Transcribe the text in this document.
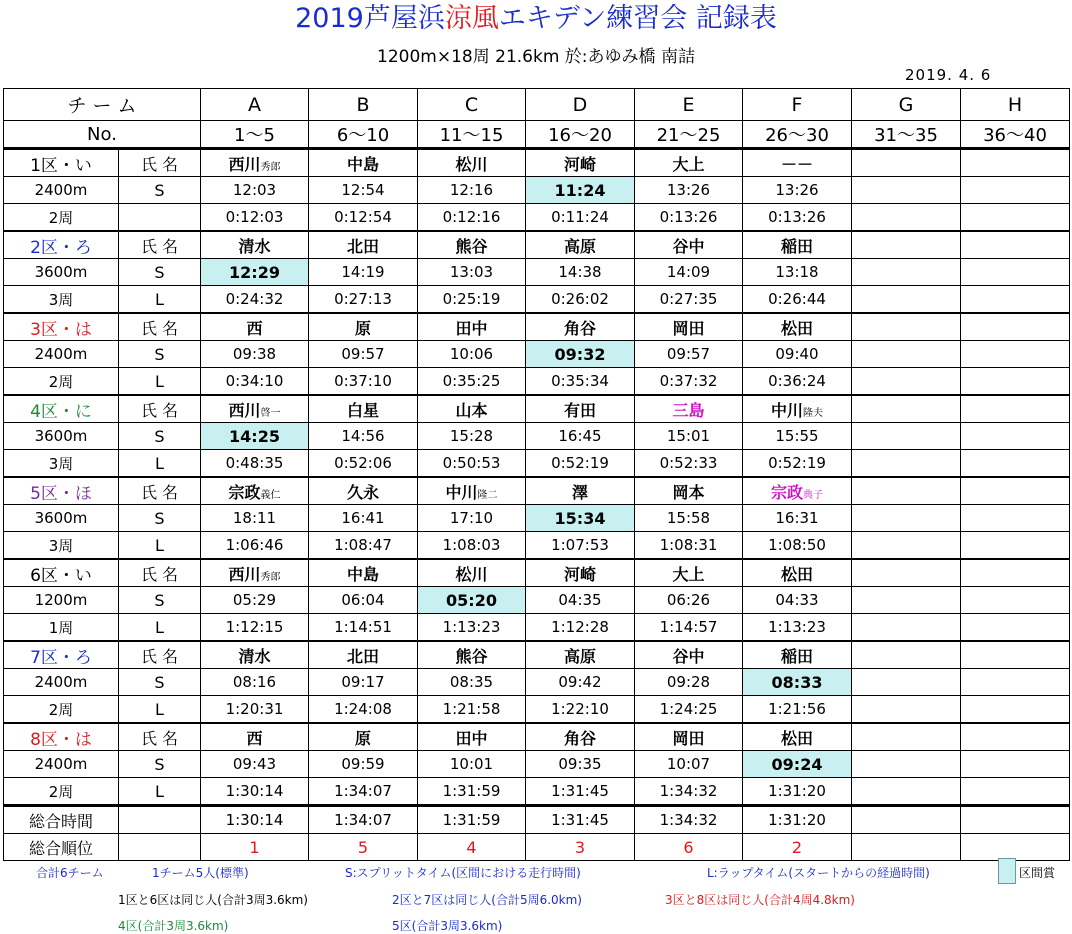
2019芦屋浜涼風エキデン練習会 記録表
1200m×18周 21.6km 於:あゆみ橋 南詰
2019. 4. 6
チ ー ム		A	B	C	D	E	F	G	H
No.		1〜5	6〜10	11〜15	16〜20	21〜25	26〜30	31〜35	36〜40
1区・い	氏 名	西川秀郎	中島	松川	河崎	大上	－－		
2400m	S	12:03	12:54	12:16	11:24	13:26	13:26		
2周		0:12:03	0:12:54	0:12:16	0:11:24	0:13:26	0:13:26		
2区・ろ	氏 名	清水	北田	熊谷	高原	谷中	稲田		
3600m	S	12:29	14:19	13:03	14:38	14:09	13:18		
3周	L	0:24:32	0:27:13	0:25:19	0:26:02	0:27:35	0:26:44		
3区・は	氏 名	西	原	田中	角谷	岡田	松田		
2400m	S	09:38	09:57	10:06	09:32	09:57	09:40		
2周	L	0:34:10	0:37:10	0:35:25	0:35:34	0:37:32	0:36:24		
4区・に	氏 名	西川啓一	白星	山本	有田	三島	中川隆夫		
3600m	S	14:25	14:56	15:28	16:45	15:01	15:55		
3周	L	0:48:35	0:52:06	0:50:53	0:52:19	0:52:33	0:52:19		
5区・ほ	氏 名	宗政義仁	久永	中川隆二	澤	岡本	宗政典子		
3600m	S	18:11	16:41	17:10	15:34	15:58	16:31		
3周	L	1:06:46	1:08:47	1:08:03	1:07:53	1:08:31	1:08:50		
6区・い	氏 名	西川秀郎	中島	松川	河崎	大上	松田		
1200m	S	05:29	06:04	05:20	04:35	06:26	04:33		
1周	L	1:12:15	1:14:51	1:13:23	1:12:28	1:14:57	1:13:23		
7区・ろ	氏 名	清水	北田	熊谷	高原	谷中	稲田		
2400m	S	08:16	09:17	08:35	09:42	09:28	08:33		
2周	L	1:20:31	1:24:08	1:21:58	1:22:10	1:24:25	1:21:56		
8区・は	氏 名	西	原	田中	角谷	岡田	松田		
2400m	S	09:43	09:59	10:01	09:35	10:07	09:24		
2周	L	1:30:14	1:34:07	1:31:59	1:31:45	1:34:32	1:31:20		
総合時間		1:30:14	1:34:07	1:31:59	1:31:45	1:34:32	1:31:20		
総合順位		1	5	4	3	6	2		
合計6チーム	1チーム5人(標準)	S:スプリットタイム(区間における走行時間)	L:ラップタイム(スタートからの経過時間)	区間賞
1区と6区は同じ人(合計3周3.6km)	2区と7区は同じ人(合計5周6.0km)	3区と8区は同じ人(合計4周4.8km)
4区(合計3周3.6km)	5区(合計3周3.6km)
